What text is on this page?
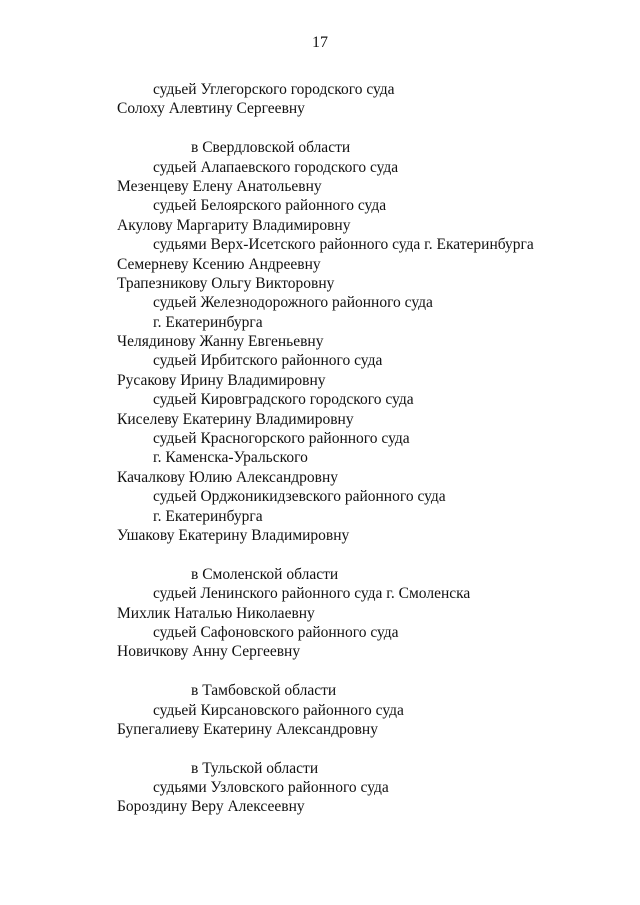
17
судьей Углегорского городского суда
Солоху Алевтину Сергеевну
в Свердловской области
судьей Алапаевского городского суда
Мезенцеву Елену Анатольевну
судьей Белоярского районного суда
Акулову Маргариту Владимировну
судьями Верх-Исетского районного суда г. Екатеринбурга
Семерневу Ксению Андреевну
Трапезникову Ольгу Викторовну
судьей Железнодорожного районного суда
г. Екатеринбурга
Челядинову Жанну Евгеньевну
судьей Ирбитского районного суда
Русакову Ирину Владимировну
судьей Кировградского городского суда
Киселеву Екатерину Владимировну
судьей Красногорского районного суда
г. Каменска-Уральского
Качалкову Юлию Александровну
судьей Орджоникидзевского районного суда
г. Екатеринбурга
Ушакову Екатерину Владимировну
в Смоленской области
судьей Ленинского районного суда г. Смоленска
Михлик Наталью Николаевну
судьей Сафоновского районного суда
Новичкову Анну Сергеевну
в Тамбовской области
судьей Кирсановского районного суда
Бупегалиеву Екатерину Александровну
в Тульской области
судьями Узловского районного суда
Бороздину Веру Алексеевну
